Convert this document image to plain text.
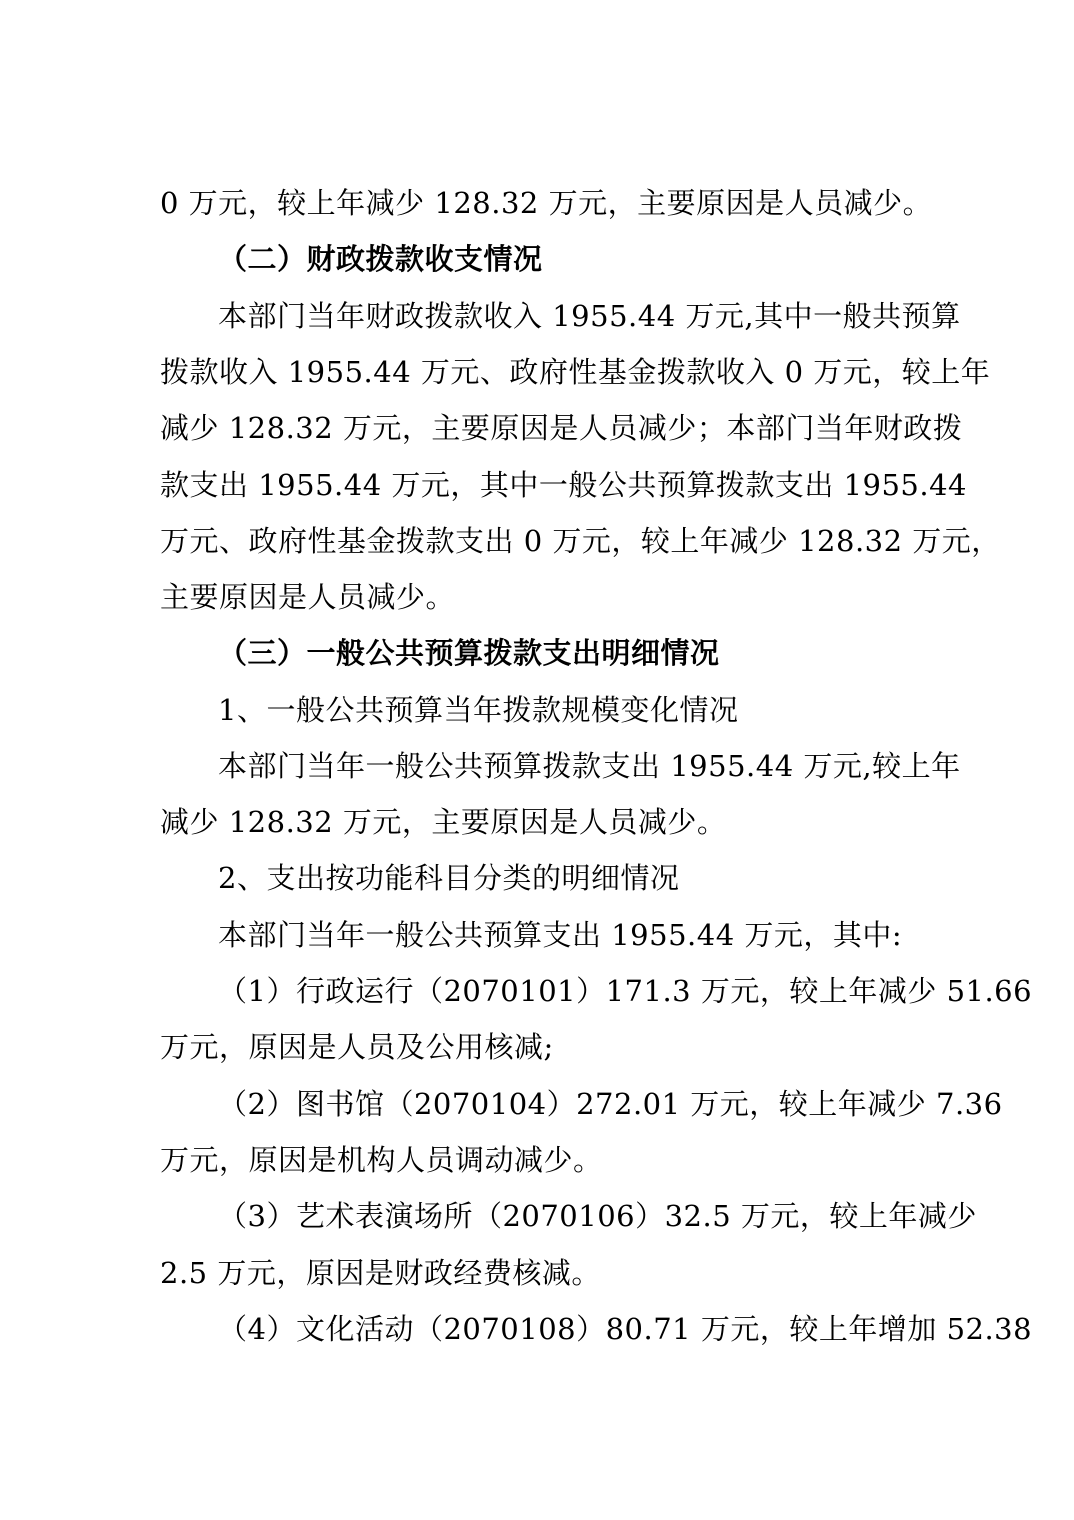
0 万元，较上年减少 128.32 万元，主要原因是人员减少。
（二）财政拨款收支情况
本部门当年财政拨款收入 1955.44 万元,其中一般共预算
拨款收入 1955.44 万元、政府性基金拨款收入 0 万元，较上年
减少 128.32 万元，主要原因是人员减少；本部门当年财政拨
款支出 1955.44 万元，其中一般公共预算拨款支出 1955.44
万元、政府性基金拨款支出 0 万元，较上年减少 128.32 万元，
主要原因是人员减少。
（三）一般公共预算拨款支出明细情况
1、一般公共预算当年拨款规模变化情况
本部门当年一般公共预算拨款支出 1955.44 万元,较上年
减少 128.32 万元，主要原因是人员减少。
2、支出按功能科目分类的明细情况
本部门当年一般公共预算支出 1955.44 万元，其中:
（1）行政运行（2070101）171.3 万元，较上年减少 51.66
万元，原因是人员及公用核减;
（2）图书馆（2070104）272.01 万元，较上年减少 7.36
万元，原因是机构人员调动减少。
（3）艺术表演场所（2070106）32.5 万元，较上年减少
2.5 万元，原因是财政经费核减。
（4）文化活动（2070108）80.71 万元，较上年增加 52.38
